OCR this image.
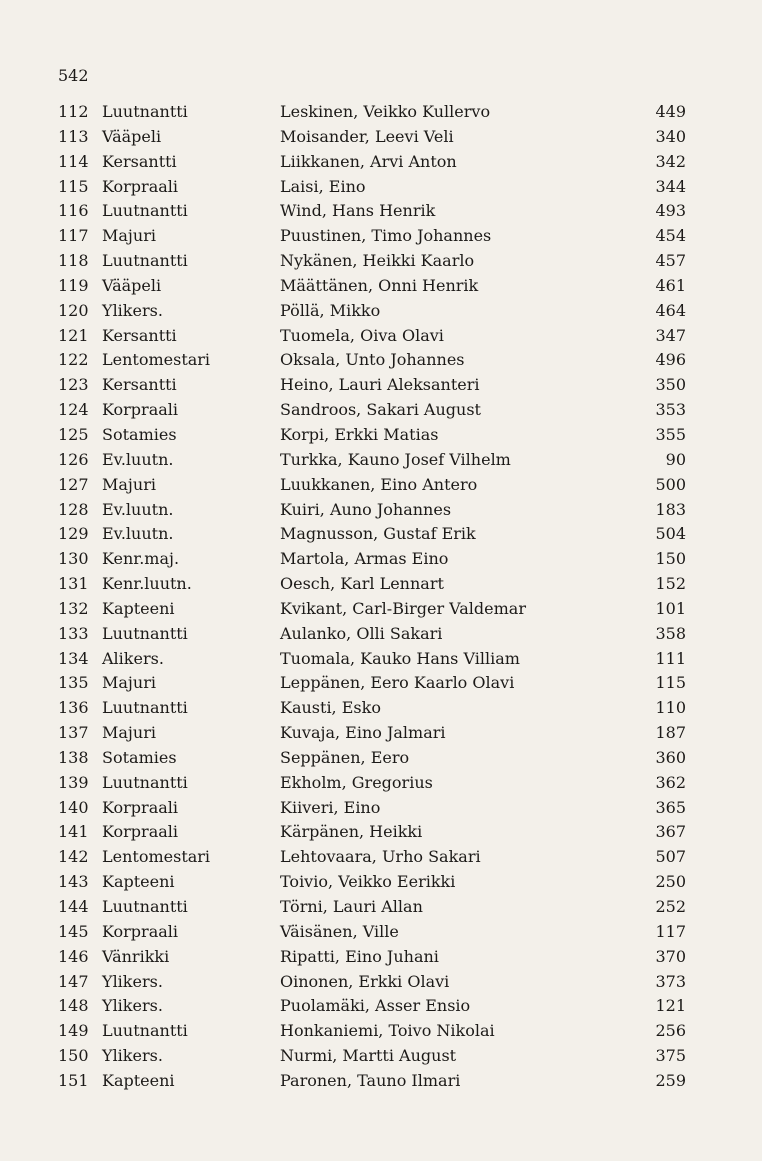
542
112 Luutnantti	Leskinen, Veikko Kullervo	449
113 Vääpeli	Moisander, Leevi Veli	340
114 Kersantti	Liikkanen, Arvi Anton	342
115 Korpraali	Laisi, Eino	344
116 Luutnantti	Wind, Hans Henrik	493
117 Majuri	Puustinen, Timo Johannes	454
118 Luutnantti	Nykänen, Heikki Kaarlo	457
119 Vääpeli	Määttänen, Onni Henrik	461
120 Ylikers.	Pöllä, Mikko	464
121 Kersantti	Tuomela, Oiva Olavi	347
122 Lentomestari	Oksala, Unto Johannes	496
123 Kersantti	Heino, Lauri Aleksanteri	350
124 Korpraali	Sandroos, Sakari August	353
125 Sotamies	Korpi, Erkki Matias	355
126 Ev.luutn.	Turkka, Kauno Josef Vilhelm	90
127 Majuri	Luukkanen, Eino Antero	500
128 Ev.luutn.	Kuiri, Auno Johannes	183
129 Ev.luutn.	Magnusson, Gustaf Erik	504
130 Kenr.maj.	Martola, Armas Eino	150
131 Kenr.luutn.	Oesch, Karl Lennart	152
132 Kapteeni	Kvikant, Carl-Birger Valdemar	101
133 Luutnantti	Aulanko, Olli Sakari	358
134 Alikers.	Tuomala, Kauko Hans Villiam	111
135 Majuri	Leppänen, Eero Kaarlo Olavi	115
136 Luutnantti	Kausti, Esko	110
137 Majuri	Kuvaja, Eino Jalmari	187
138 Sotamies	Seppänen, Eero	360
139 Luutnantti	Ekholm, Gregorius	362
140 Korpraali	Kiiveri, Eino	365
141 Korpraali	Kärpänen, Heikki	367
142 Lentomestari	Lehtovaara, Urho Sakari	507
143 Kapteeni	Toivio, Veikko Eerikki	250
144 Luutnantti	Törni, Lauri Allan	252
145 Korpraali	Väisänen, Ville	117
146 Vänrikki	Ripatti, Eino Juhani	370
147 Ylikers.	Oinonen, Erkki Olavi	373
148 Ylikers.	Puolamäki, Asser Ensio	121
149 Luutnantti	Honkaniemi, Toivo Nikolai	256
150 Ylikers.	Nurmi, Martti August	375
151 Kapteeni	Paronen, Tauno Ilmari	259
